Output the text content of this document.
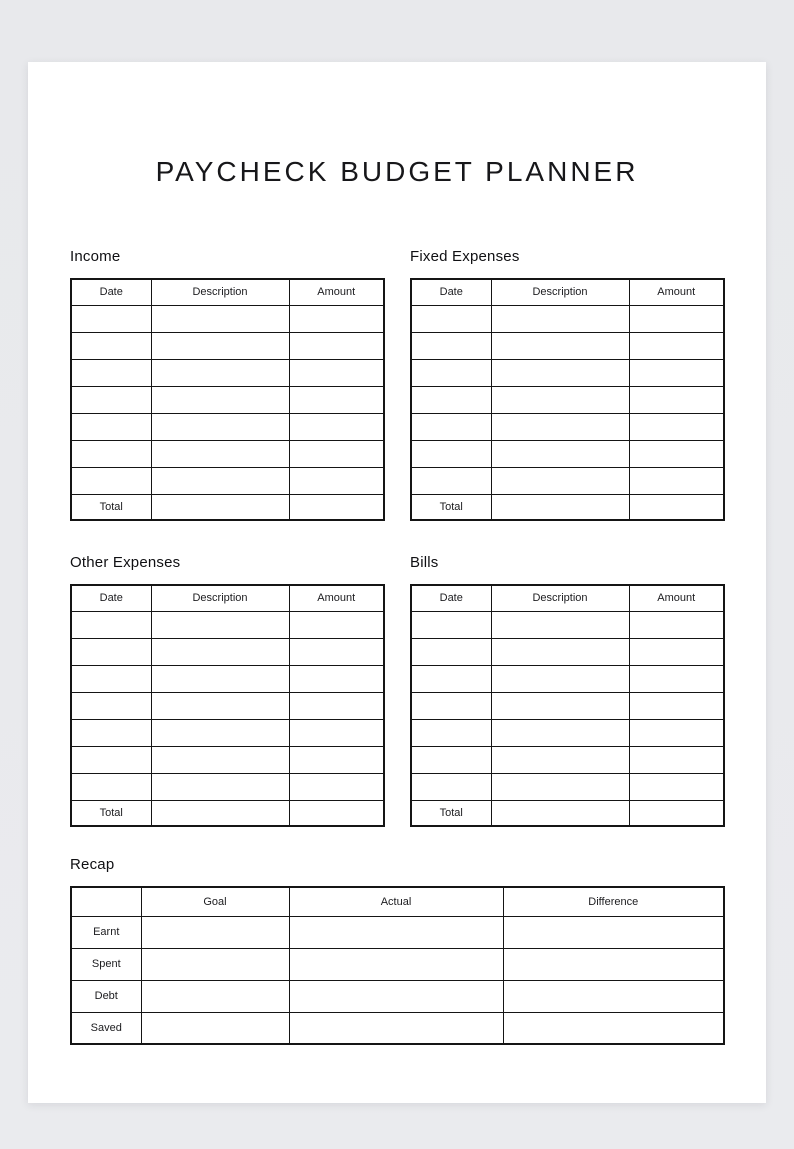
PAYCHECK BUDGET PLANNER
Income
Date	Description	Amount

Total		
Fixed Expenses
Date	Description	Amount

Total		
Other Expenses
Date	Description	Amount

Total		
Bills
Date	Description	Amount

Total		
Recap
	Goal	Actual	Difference
Earnt			
Spent			
Debt			
Saved			
